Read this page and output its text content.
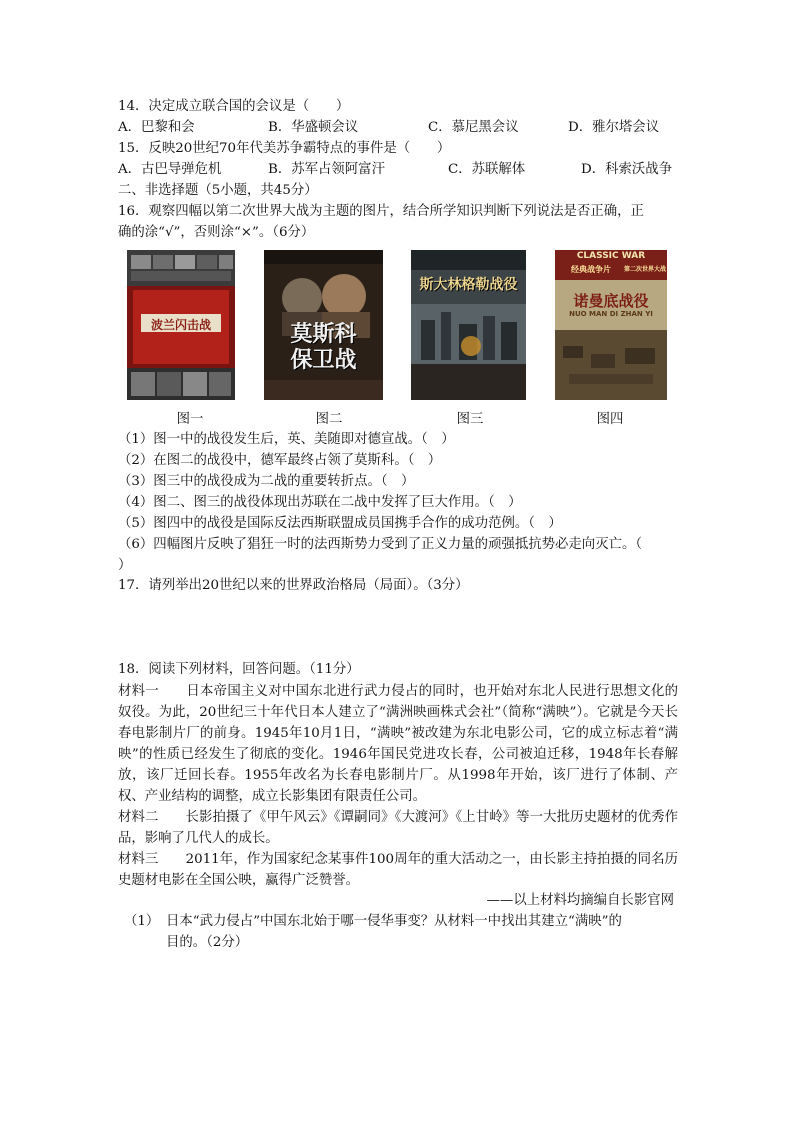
14．决定成立联合国的会议是（　　）
A．巴黎和会	B．华盛顿会议	C．慕尼黑会议	D．雅尔塔会议
15．反映20世纪70年代美苏争霸特点的事件是（　　）
A．古巴导弹危机	B．苏军占领阿富汗	C．苏联解体	D．科索沃战争
二、非选择题（5小题，共45分）
16．观察四幅以第二次世界大战为主题的图片，结合所学知识判断下列说法是否正确，正
确的涂“√”，否则涂“×”。（6分）
波兰闪击战	莫斯科
保卫战
斯大林格勒战役
CLASSIC WAR
经典战争片	第二次世界大战
诺曼底战役
NUO MAN DI ZHAN YI
图一	图二	图三	图四
（1）图一中的战役发生后，英、美随即对德宣战。（　）
（2）在图二的战役中，德军最终占领了莫斯科。（　）
（3）图三中的战役成为二战的重要转折点。（　）
（4）图二、图三的战役体现出苏联在二战中发挥了巨大作用。（　）
（5）图四中的战役是国际反法西斯联盟成员国携手合作的成功范例。（　）
（6）四幅图片反映了猖狂一时的法西斯势力受到了正义力量的顽强抵抗势必走向灭亡。（
）
17．请列举出20世纪以来的世界政治格局（局面）。（3分）
18．阅读下列材料，回答问题。（11分）
材料一　　日本帝国主义对中国东北进行武力侵占的同时，也开始对东北人民进行思想文化的奴役。为此，20世纪三十年代日本人建立了“满洲映画株式会社”（简称“满映”）。它就是今天长春电影制片厂的前身。1945年10月1日，“满映”被改建为东北电影公司，它的成立标志着“满映”的性质已经发生了彻底的变化。1946年国民党进攻长春，公司被迫迁移，1948年长春解放，该厂迁回长春。1955年改名为长春电影制片厂。从1998年开始，该厂进行了体制、产权、产业结构的调整，成立长影集团有限责任公司。
材料二　　长影拍摄了《甲午风云》《谭嗣同》《大渡河》《上甘岭》等一大批历史题材的优秀作品，影响了几代人的成长。
材料三　　2011年，作为国家纪念某事件100周年的重大活动之一，由长影主持拍摄的同名历史题材电影在全国公映，赢得广泛赞誉。
——以上材料均摘编自长影官网
（1） 日本“武力侵占”中国东北始于哪一侵华事变？从材料一中找出其建立“满映”的
目的。（2分）
